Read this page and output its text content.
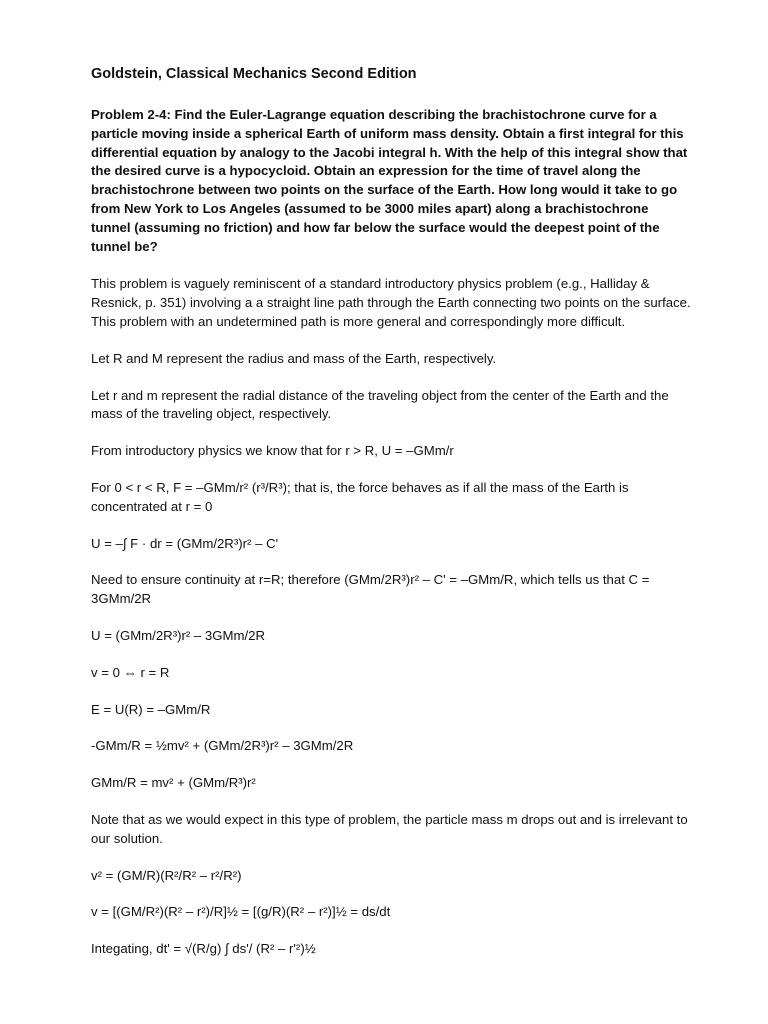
Goldstein, Classical Mechanics Second Edition
Problem 2-4: Find the Euler-Lagrange equation describing the brachistochrone curve for a particle moving inside a spherical Earth of uniform mass density. Obtain a first integral for this differential equation by analogy to the Jacobi integral h. With the help of this integral show that the desired curve is a hypocycloid. Obtain an expression for the time of travel along the brachistochrone between two points on the surface of the Earth. How long would it take to go from New York to Los Angeles (assumed to be 3000 miles apart) along a brachistochrone tunnel (assuming no friction) and how far below the surface would the deepest point of the tunnel be?
This problem is vaguely reminiscent of a standard introductory physics problem (e.g., Halliday & Resnick, p. 351) involving a a straight line path through the Earth connecting two points on the surface. This problem with an undetermined path is more general and correspondingly more difficult.
Let R and M represent the radius and mass of the Earth, respectively.
Let r and m represent the radial distance of the traveling object from the center of the Earth and the mass of the traveling object, respectively.
From introductory physics we know that for r > R, U = –GMm/r
For 0 < r < R, F = –GMm/r² (r³/R³); that is, the force behaves as if all the mass of the Earth is concentrated at r = 0
U = –∫ F · dr = (GMm/2R³)r² – C'
Need to ensure continuity at r=R; therefore (GMm/2R³)r² – C' = –GMm/R, which tells us that C = 3GMm/2R
U = (GMm/2R³)r² – 3GMm/2R
v = 0 ⇔ r = R
E = U(R) = –GMm/R
-GMm/R = ½mv² + (GMm/2R³)r² – 3GMm/2R
GMm/R = mv² + (GMm/R³)r²
Note that as we would expect in this type of problem, the particle mass m drops out and is irrelevant to our solution.
v² = (GM/R)(R²/R² – r²/R²)
v = [(GM/R²)(R² – r²)/R]½ = [(g/R)(R² – r²)]½ = ds/dt
Integating, dt' = √(R/g) ∫ ds'/ (R² – r'²)½
